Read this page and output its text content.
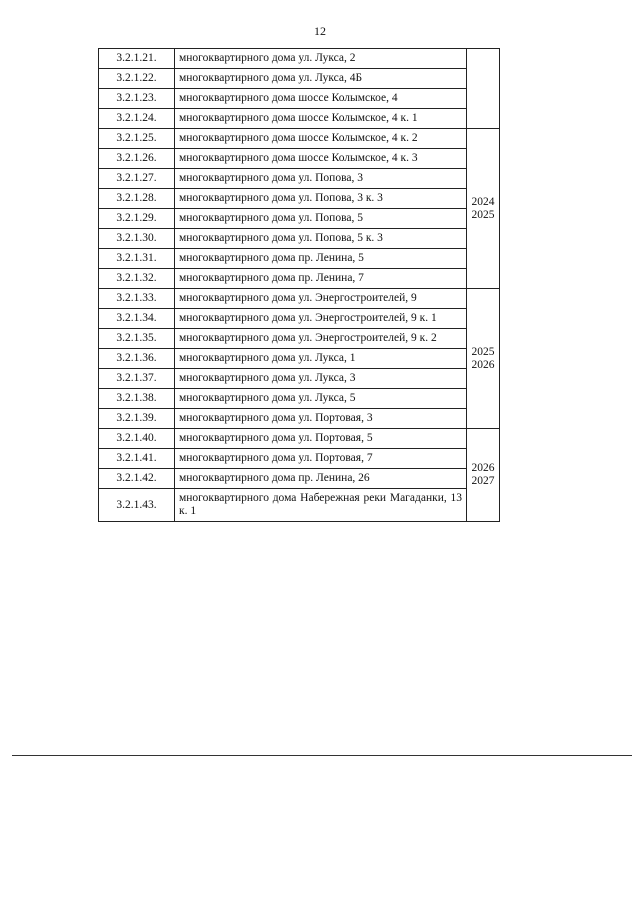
12
3.2.1.21.	многоквартирного дома ул. Лукса, 2	

3.2.1.22.	многоквартирного дома ул. Лукса, 4Б	
3.2.1.23.	многоквартирного дома шоссе Колымское, 4	
3.2.1.24.	многоквартирного дома шоссе Колымское, 4 к. 1	
3.2.1.25.	многоквартирного дома шоссе Колымское, 4 к. 2	2024
2025

3.2.1.26.	многоквартирного дома шоссе Колымское, 4 к. 3	
3.2.1.27.	многоквартирного дома ул. Попова, 3	
3.2.1.28.	многоквартирного дома ул. Попова, 3 к. 3	
3.2.1.29.	многоквартирного дома ул. Попова, 5	
3.2.1.30.	многоквартирного дома ул. Попова, 5 к. 3	
3.2.1.31.	многоквартирного дома пр. Ленина, 5	
3.2.1.32.	многоквартирного дома пр. Ленина, 7	
3.2.1.33.	многоквартирного дома ул. Энергостроителей, 9	2025
2026

3.2.1.34.	многоквартирного дома ул. Энергостроителей, 9 к. 1	
3.2.1.35.	многоквартирного дома ул. Энергостроителей, 9 к. 2	
3.2.1.36.	многоквартирного дома ул. Лукса, 1	
3.2.1.37.	многоквартирного дома ул. Лукса, 3	
3.2.1.38.	многоквартирного дома ул. Лукса, 5	
3.2.1.39.	многоквартирного дома ул. Портовая, 3	
3.2.1.40.	многоквартирного дома ул. Портовая, 5	2026
2027

3.2.1.41.	многоквартирного дома ул. Портовая, 7	
3.2.1.42.	многоквартирного дома пр. Ленина, 26	
3.2.1.43.	многоквартирного дома Набережная реки Магаданки, 13 к. 1	
